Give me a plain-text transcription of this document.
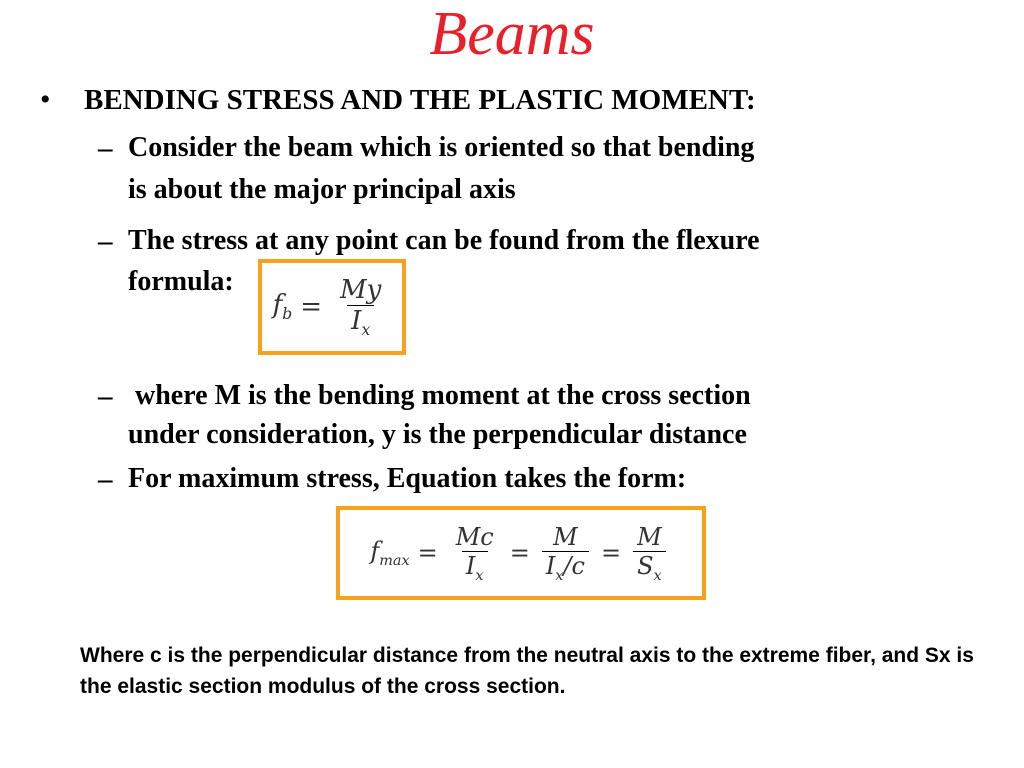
Beams
• BENDING STRESS AND THE PLASTIC MOMENT:
– Consider the beam which is oriented so that bending
is about the major principal axis
– The stress at any point can be found from the flexure
formula:
$f_b = \frac{My}{I_x}$
– where M is the bending moment at the cross section
under consideration, y is the perpendicular distance
– For maximum stress, Equation takes the form:
$f_{max} = \frac{Mc}{I_x} = \frac{M}{I_x/c} = \frac{M}{S_x}$
Where c is the perpendicular distance from the neutral axis to the extreme fiber, and Sx is the elastic section modulus of the cross section.
